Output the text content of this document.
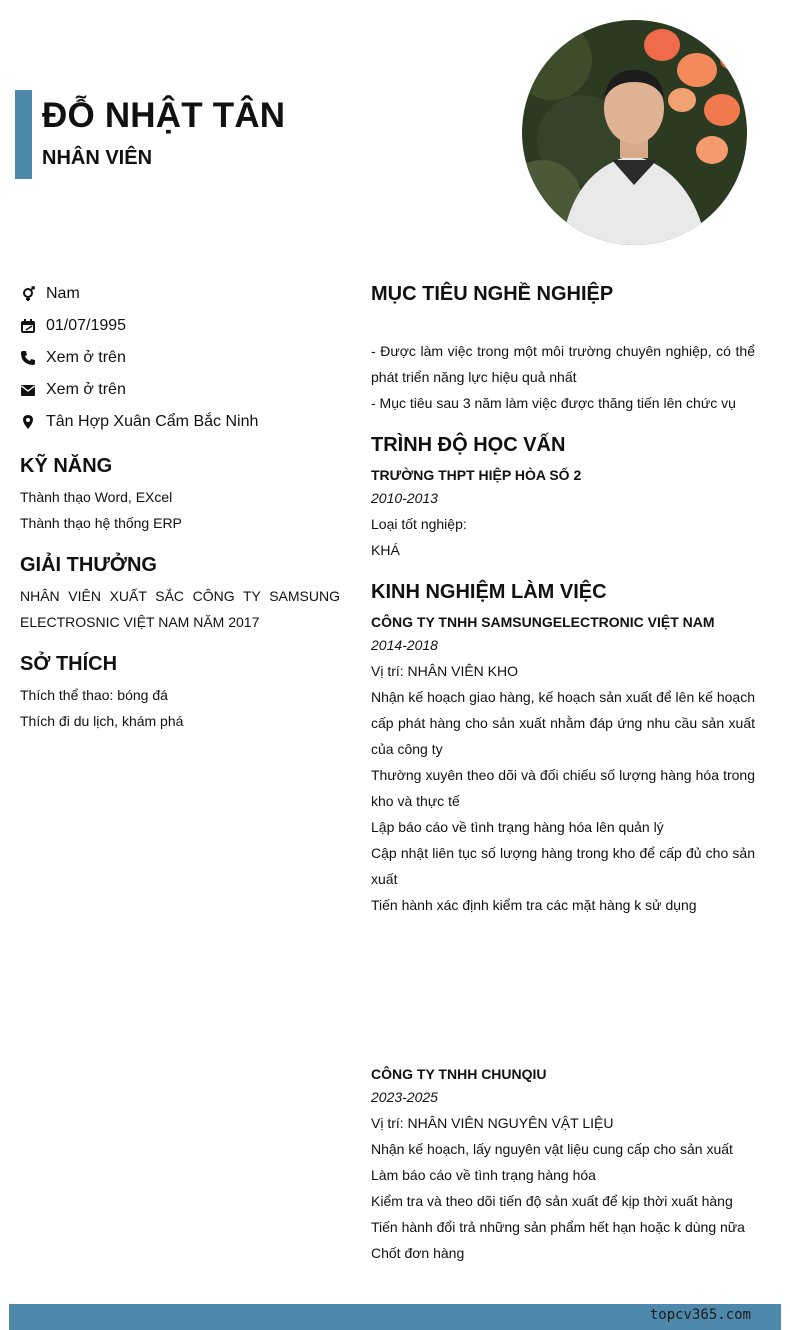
ĐỖ NHẬT TÂN
NHÂN VIÊN
Nam
01/07/1995
Xem ở trên
Xem ở trên
Tân Hợp Xuân Cẩm Bắc Ninh
KỸ NĂNG
Thành thạo Word, EXcel
Thành thạo hệ thống ERP
GIẢI THƯỞNG
NHÂN VIÊN XUẤT SẮC CÔNG TY SAMSUNG
ELECTROSNIC VIỆT NAM NĂM 2017
SỞ THÍCH
Thích thể thao: bóng đá
Thích đi du lịch, khám phá
MỤC TIÊU NGHỀ NGHIỆP
- Được làm việc trong một môi trường chuyên nghiệp, có thể phát triển năng lực hiệu quả nhất
- Mục tiêu sau 3 năm làm việc được thăng tiến lên chức vụ
TRÌNH ĐỘ HỌC VẤN
TRƯỜNG THPT HIỆP HÒA SỐ 2
2010-2013
Loại tốt nghiệp:
KHÁ
KINH NGHIỆM LÀM VIỆC
CÔNG TY TNHH SAMSUNGELECTRONIC VIỆT NAM
2014-2018
Vị trí: NHÂN VIÊN KHO
Nhận kế hoạch giao hàng, kế hoạch sản xuất để lên kế hoạch cấp phát hàng cho sản xuất nhằm đáp ứng nhu cầu sản xuất của công ty
Thường xuyên theo dõi và đối chiếu số lượng hàng hóa trong kho và thực tế
Lập báo cáo về tình trạng hàng hóa lên quản lý
Cập nhật liên tục số lượng hàng trong kho để cấp đủ cho sản xuất
Tiến hành xác định kiểm tra các mặt hàng k sử dụng
CÔNG TY TNHH CHUNQIU
2023-2025
Vị trí: NHÂN VIÊN NGUYÊN VẬT LIỆU
Nhận kế hoạch, lấy nguyên vật liệu cung cấp cho sản xuất
Làm báo cáo về tình trạng hàng hóa
Kiểm tra và theo dõi tiến độ sản xuất để kịp thời xuất hàng
Tiến hành đổi trả những sản phẩm hết hạn hoặc k dùng nữa
Chốt đơn hàng
topcv365.com
